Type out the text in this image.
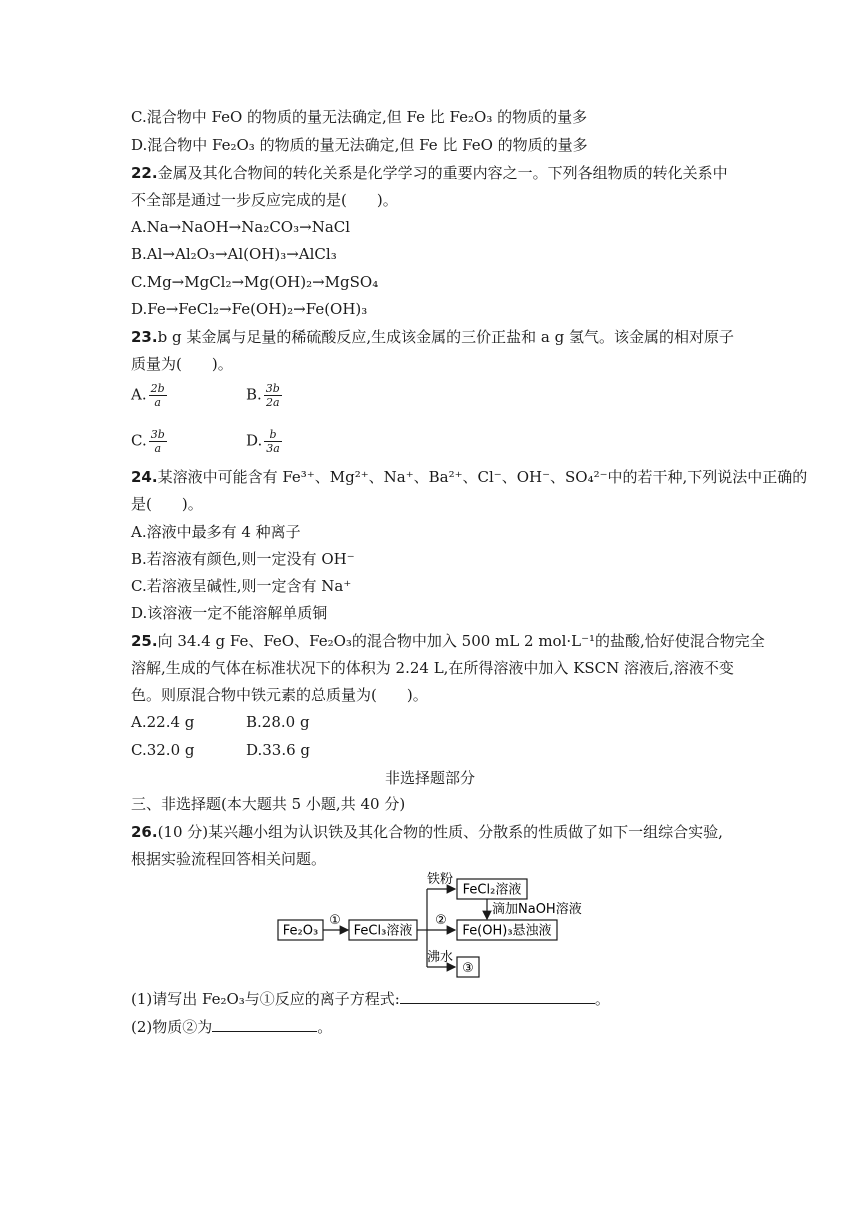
C.混合物中 FeO 的物质的量无法确定,但 Fe 比 Fe₂O₃ 的物质的量多
D.混合物中 Fe₂O₃ 的物质的量无法确定,但 Fe 比 FeO 的物质的量多
22.金属及其化合物间的转化关系是化学学习的重要内容之一。下列各组物质的转化关系中
不全部是通过一步反应完成的是(　　)。
A.Na→NaOH→Na₂CO₃→NaCl
B.Al→Al₂O₃→Al(OH)₃→AlCl₃
C.Mg→MgCl₂→Mg(OH)₂→MgSO₄
D.Fe→FeCl₂→Fe(OH)₂→Fe(OH)₃
23.b g 某金属与足量的稀硫酸反应,生成该金属的三价正盐和 a g 氢气。该金属的相对原子
质量为(　　)。
A. $\frac{2b}{a}$	B. $\frac{3b}{2a}$
C. $\frac{3b}{a}$	D. $\frac{b}{3a}$
24.某溶液中可能含有 Fe³⁺、Mg²⁺、Na⁺、Ba²⁺、Cl⁻、OH⁻、SO₄²⁻中的若干种,下列说法中正确的
是(　　)。
A.溶液中最多有 4 种离子
B.若溶液有颜色,则一定没有 OH⁻
C.若溶液呈碱性,则一定含有 Na⁺
D.该溶液一定不能溶解单质铜
25.向 34.4 g Fe、FeO、Fe₂O₃的混合物中加入 500 mL 2 mol·L⁻¹的盐酸,恰好使混合物完全
溶解,生成的气体在标准状况下的体积为 2.24 L,在所得溶液中加入 KSCN 溶液后,溶液不变
色。则原混合物中铁元素的总质量为(　　)。
A.22.4 g	B.28.0 g
C.32.0 g	D.33.6 g
非选择题部分
三、非选择题(本大题共 5 小题,共 40 分)
26.(10 分)某兴趣小组为认识铁及其化合物的性质、分散系的性质做了如下一组综合实验,
根据实验流程回答相关问题。
Fe₂O₃
①
FeCl₃溶液
铁粉
FeCl₂溶液
滴加NaOH溶液
②
Fe(OH)₃悬浊液
沸水
③
(1)请写出 Fe₂O₃与①反应的离子方程式:	。
(2)物质②为	。
